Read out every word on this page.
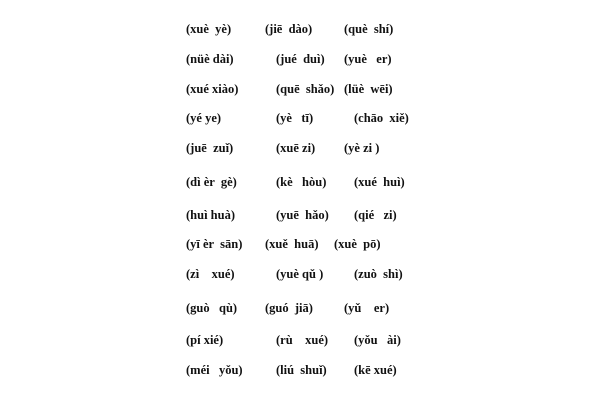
(xuè  yè)	(jiē  dào)	(què  shí)
(nüè dài)	(jué  duì) (yuè   er)
(xué xiào)	(quē  shǎo) (lüè  wēi)
(yé ye)	(yè   tī)	(chāo  xiě)
(juē  zuǐ)	(xuē zi) (yè zi )
(dì èr  gè)	(kè   hòu) (xué  huì)
(huì huà)	(yuē  hǎo) (qié   zi)
(yī èr  sān) (xuě  huā) (xuè  pō)
(zì    xué)	(yuè qǔ ) (zuò  shì)
(guò   qù) (guó  jiā) (yǔ    er)
(pí xié)	(rù    xué) (yǒu   ài)
(méi   yǒu)	(liú  shuǐ) (kē xué)
